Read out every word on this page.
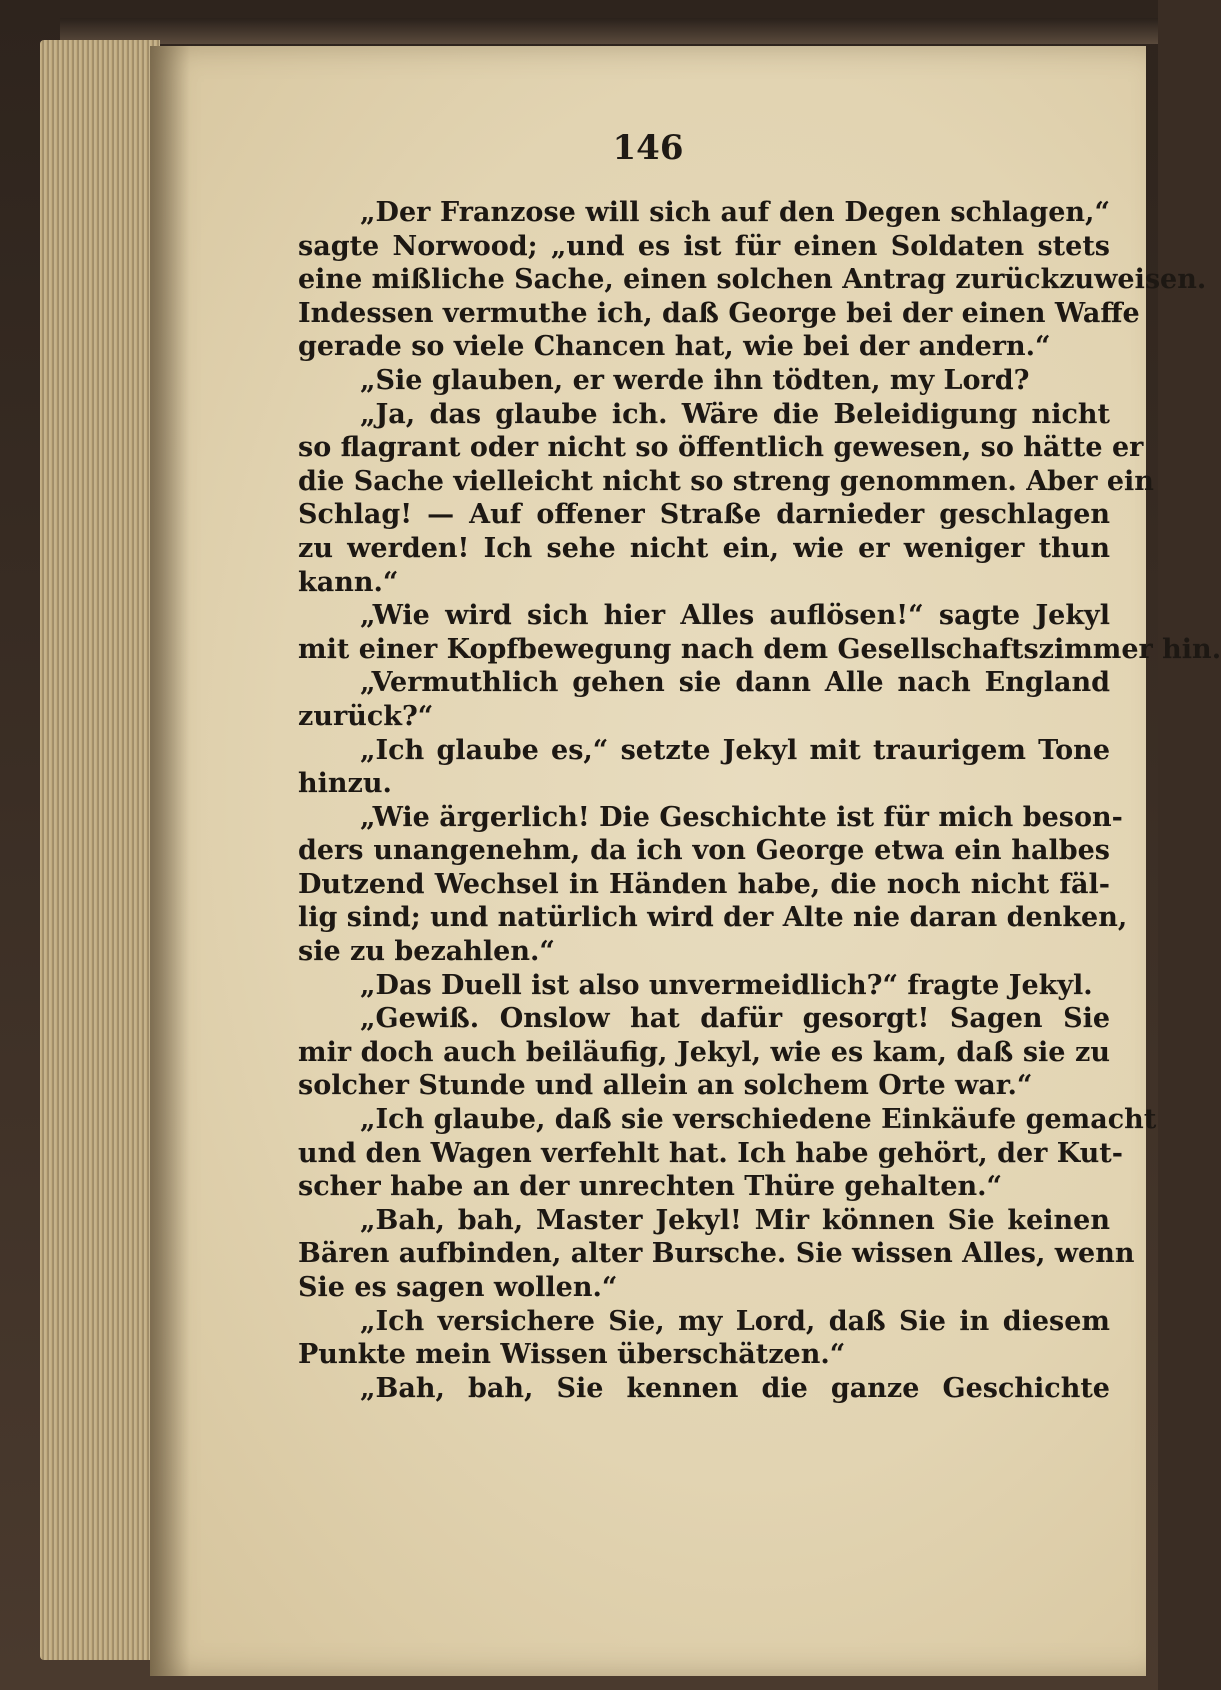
146
„Der Franzose will sich auf den Degen schlagen,“
sagte Norwood; „und es ist für einen Soldaten stets
eine mißliche Sache, einen solchen Antrag zurückzuweisen.
Indessen vermuthe ich, daß George bei der einen Waffe
gerade so viele Chancen hat, wie bei der andern.“
„Sie glauben, er werde ihn tödten, my Lord?
„Ja, das glaube ich. Wäre die Beleidigung nicht
so flagrant oder nicht so öffentlich gewesen, so hätte er
die Sache vielleicht nicht so streng genommen. Aber ein
Schlag! — Auf offener Straße darnieder geschlagen
zu werden! Ich sehe nicht ein, wie er weniger thun
kann.“
„Wie wird sich hier Alles auflösen!“ sagte Jekyl
mit einer Kopfbewegung nach dem Gesellschaftszimmer hin.
„Vermuthlich gehen sie dann Alle nach England
zurück?“
„Ich glaube es,“ setzte Jekyl mit traurigem Tone
hinzu.
„Wie ärgerlich! Die Geschichte ist für mich beson-
ders unangenehm, da ich von George etwa ein halbes
Dutzend Wechsel in Händen habe, die noch nicht fäl-
lig sind; und natürlich wird der Alte nie daran denken,
sie zu bezahlen.“
„Das Duell ist also unvermeidlich?“ fragte Jekyl.
„Gewiß. Onslow hat dafür gesorgt! Sagen Sie
mir doch auch beiläufig, Jekyl, wie es kam, daß sie zu
solcher Stunde und allein an solchem Orte war.“
„Ich glaube, daß sie verschiedene Einkäufe gemacht
und den Wagen verfehlt hat. Ich habe gehört, der Kut-
scher habe an der unrechten Thüre gehalten.“
„Bah, bah, Master Jekyl! Mir können Sie keinen
Bären aufbinden, alter Bursche. Sie wissen Alles, wenn
Sie es sagen wollen.“
„Ich versichere Sie, my Lord, daß Sie in diesem
Punkte mein Wissen überschätzen.“
„Bah, bah, Sie kennen die ganze Geschichte
